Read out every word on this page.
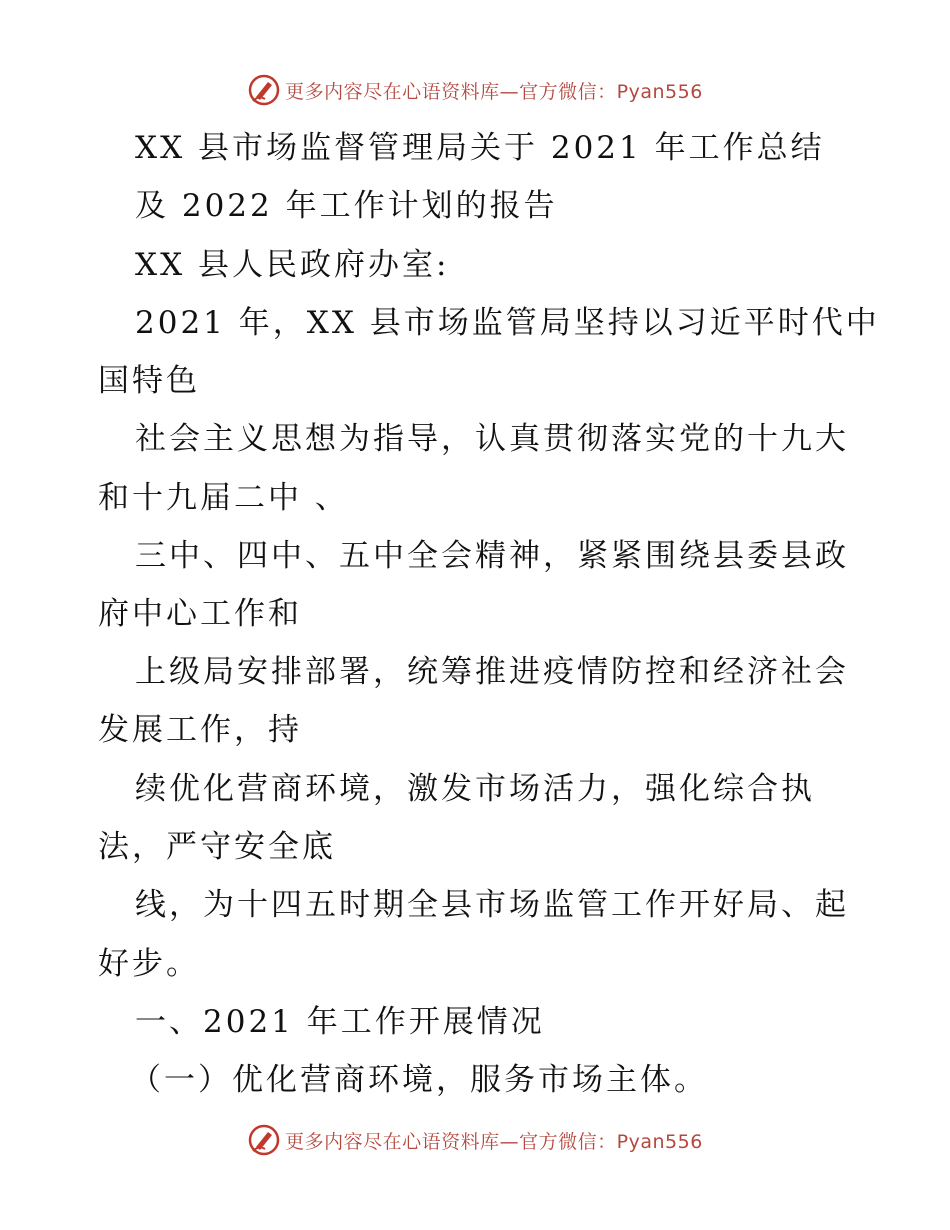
更多内容尽在心语资料库—官方微信：Pyan556
XX 县市场监督管理局关于 2021 年工作总结
及 2022 年工作计划的报告
XX 县人民政府办室:
2021 年，XX 县市场监管局坚持以习近平时代中
国特色
社会主义思想为指导，认真贯彻落实党的十九大
和十九届二中 、
三中、四中、五中全会精神，紧紧围绕县委县政
府中心工作和
上级局安排部署，统筹推进疫情防控和经济社会
发展工作，持
续优化营商环境，激发市场活力，强化综合执
法，严守安全底
线，为十四五时期全县市场监管工作开好局、起
好步。
一、2021 年工作开展情况
（一）优化营商环境，服务市场主体。
更多内容尽在心语资料库—官方微信：Pyan556
